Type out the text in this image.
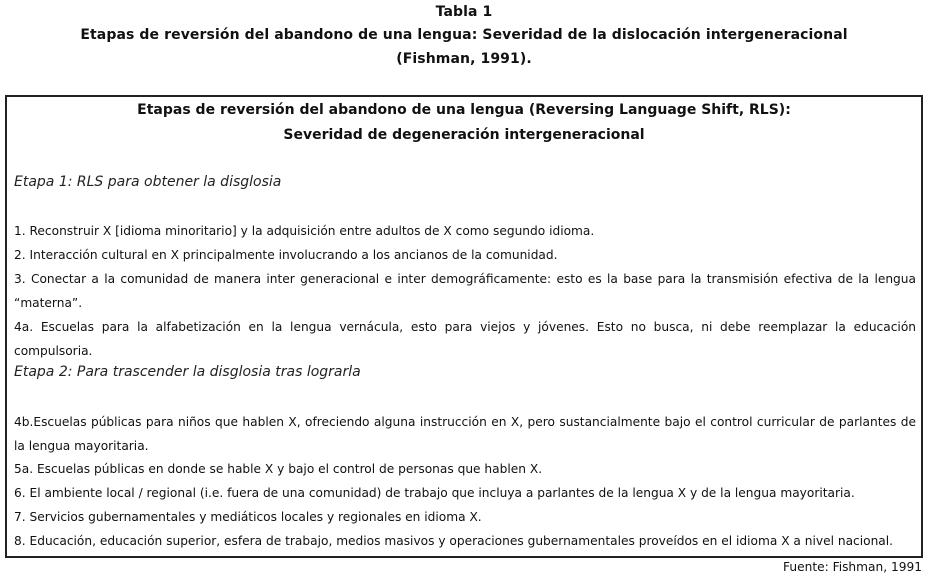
Tabla 1
Etapas de reversión del abandono de una lengua: Severidad de la dislocación intergeneracional
(Fishman, 1991).
Etapas de reversión del abandono de una lengua (Reversing Language Shift, RLS):
Severidad de degeneración intergeneracional
Etapa 1: RLS para obtener la disglosia
1. Reconstruir X [idioma minoritario] y la adquisición entre adultos de X como segundo idioma.
2. Interacción cultural en X principalmente involucrando a los ancianos de la comunidad.
3. Conectar a la comunidad de manera inter generacional e inter demográficamente: esto es la base para la transmisión efectiva de la lengua “materna”.
4a. Escuelas para la alfabetización en la lengua vernácula, esto para viejos y jóvenes. Esto no busca, ni debe reemplazar la educación compulsoria.
Etapa 2: Para trascender la disglosia tras lograrla
4b.Escuelas públicas para niños que hablen X, ofreciendo alguna instrucción en X, pero sustancialmente bajo el control curricular de parlantes de la lengua mayoritaria.
5a. Escuelas públicas en donde se hable X y bajo el control de personas que hablen X.
6. El ambiente local / regional (i.e. fuera de una comunidad) de trabajo que incluya a parlantes de la lengua X y de la lengua mayoritaria.
7. Servicios gubernamentales y mediáticos locales y regionales en idioma X.
8. Educación, educación superior, esfera de trabajo, medios masivos y operaciones gubernamentales proveídos en el idioma X a nivel nacional.
Fuente: Fishman, 1991
